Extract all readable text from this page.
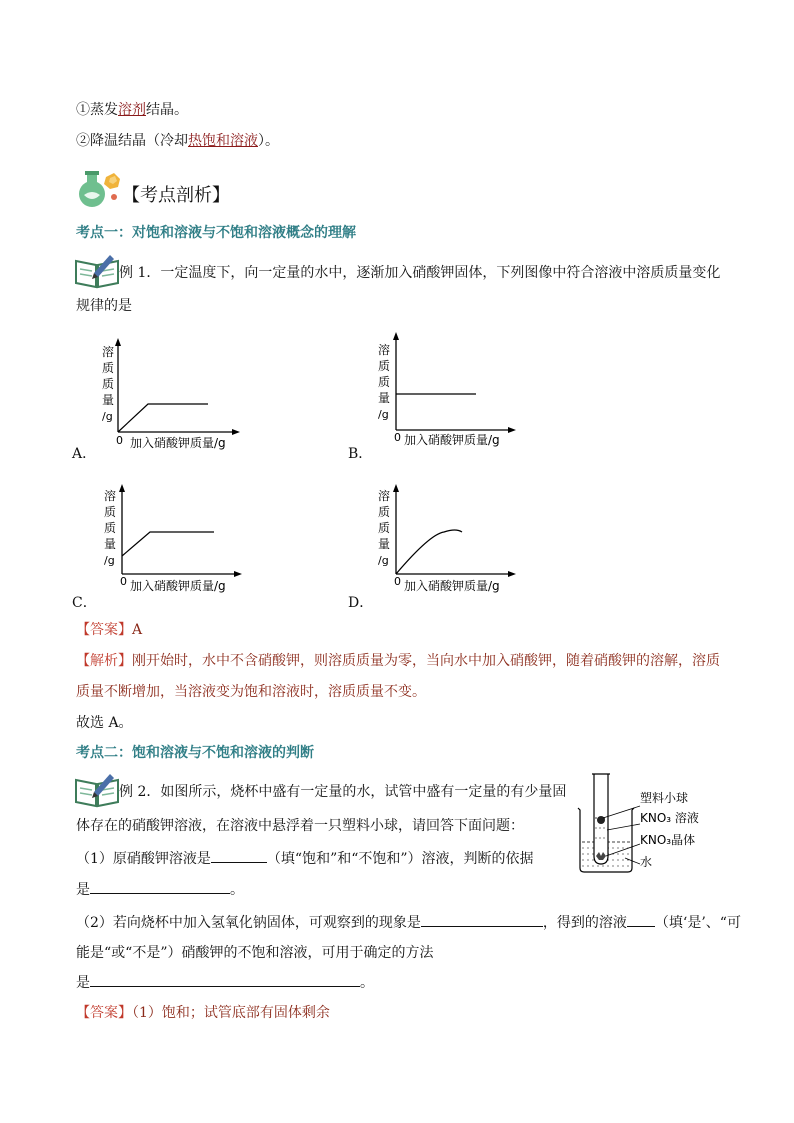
①蒸发溶剂结晶。
②降温结晶（冷却热饱和溶液）。
【考点剖析】
考点一：对饱和溶液与不饱和溶液概念的理解
例 1．一定温度下，向一定量的水中，逐渐加入硝酸钾固体，下列图像中符合溶液中溶质质量变化
规律的是
溶
质
质
量
/g
0 加入硝酸钾质量/g
A．
溶
质
质
量
/g
0 加入硝酸钾质量/g
B．
溶
质
质
量
/g
0 加入硝酸钾质量/g
C．
溶
质
质
量
/g
0 加入硝酸钾质量/g
D．
【答案】A
【解析】刚开始时，水中不含硝酸钾，则溶质质量为零，当向水中加入硝酸钾，随着硝酸钾的溶解，溶质
质量不断增加，当溶液变为饱和溶液时，溶质质量不变。
故选 A。
考点二：饱和溶液与不饱和溶液的判断
例 2．如图所示，烧杯中盛有一定量的水，试管中盛有一定量的有少量固
体存在的硝酸钾溶液，在溶液中悬浮着一只塑料小球，请回答下面问题：
（1）原硝酸钾溶液是	（填“饱和”和“不饱和”）溶液，判断的依据
是	。
（2）若向烧杯中加入氢氧化钠固体，可观察到的现象是	，得到的溶液 （填‘是’、“可
能是“或“不是”）硝酸钾的不饱和溶液，可用于确定的方法
是	。
【答案】（1）饱和；试管底部有固体剩余
塑料小球
KNO₃ 溶液
KNO₃晶体
水
